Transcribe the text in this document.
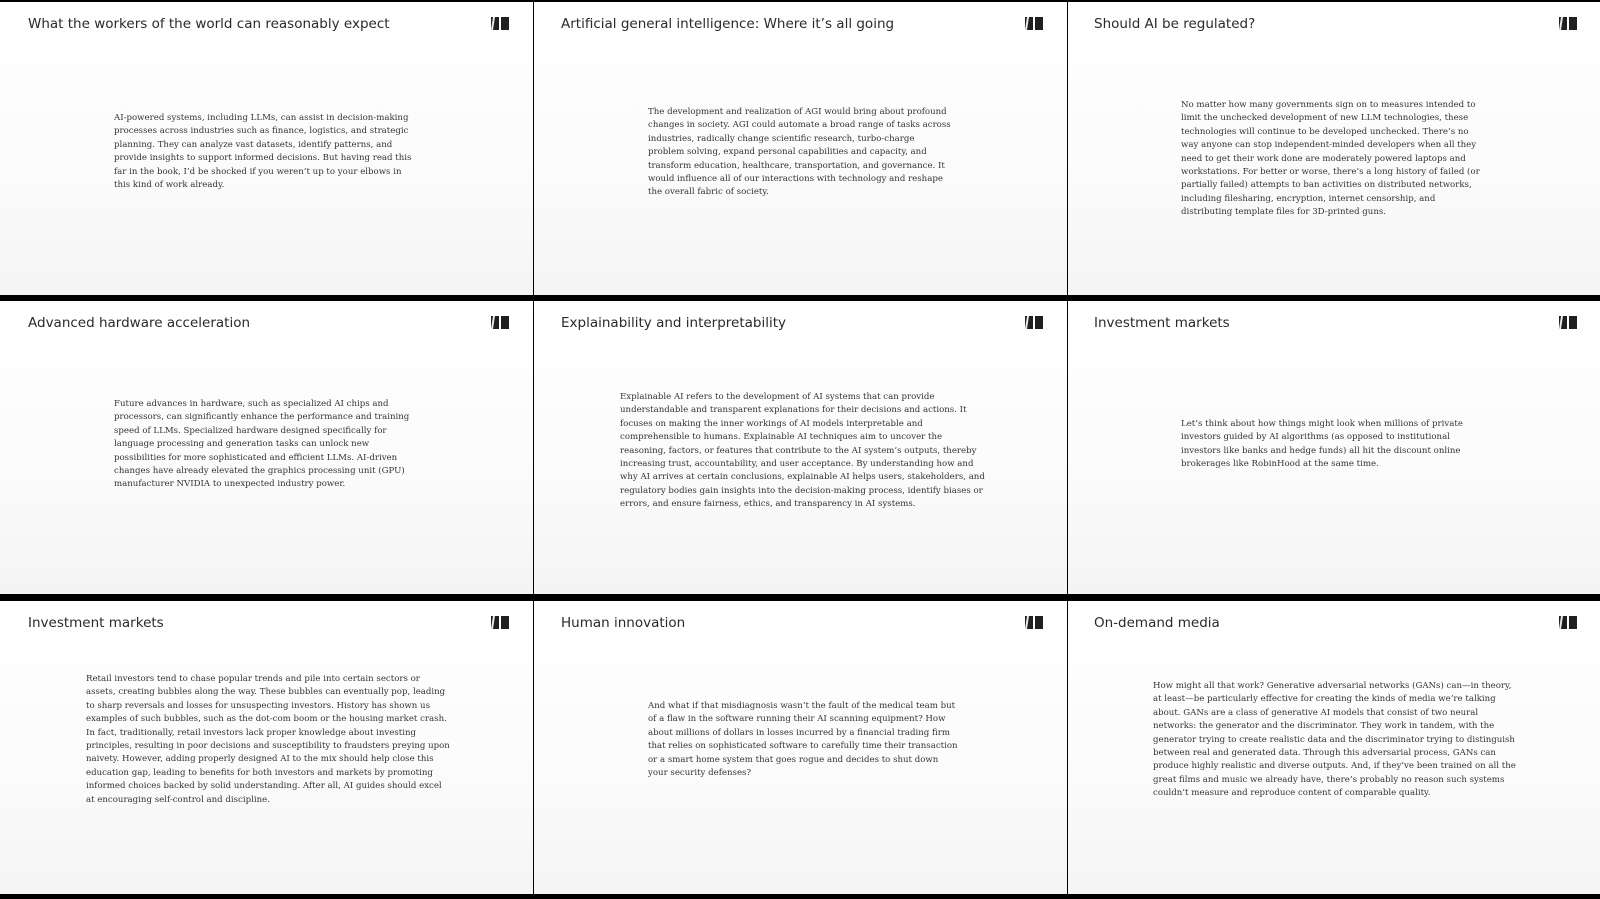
What the workers of the world can reasonably expect
AI-powered systems, including LLMs, can assist in decision-making processes across industries such as finance, logistics, and strategic planning. They can analyze vast datasets, identify patterns, and provide insights to support informed decisions. But having read this far in the book, I’d be shocked if you weren’t up to your elbows in this kind of work already.
Artificial general intelligence: Where it’s all going
The development and realization of AGI would bring about profound changes in society. AGI could automate a broad range of tasks across industries, radically change scientific research, turbo-charge problem solving, expand personal capabilities and capacity, and transform education, healthcare, transportation, and governance. It would influence all of our interactions with technology and reshape the overall fabric of society.
Should AI be regulated?
No matter how many governments sign on to measures intended to limit the unchecked development of new LLM technologies, these technologies will continue to be developed unchecked. There’s no way anyone can stop independent-minded developers when all they need to get their work done are moderately powered laptops and workstations. For better or worse, there’s a long history of failed (or partially failed) attempts to ban activities on distributed networks, including filesharing, encryption, internet censorship, and distributing template files for 3D-printed guns.
Advanced hardware acceleration
Future advances in hardware, such as specialized AI chips and processors, can significantly enhance the performance and training speed of LLMs. Specialized hardware designed specifically for language processing and generation tasks can unlock new possibilities for more sophisticated and efficient LLMs. AI-driven changes have already elevated the graphics processing unit (GPU) manufacturer NVIDIA to unexpected industry power.
Explainability and interpretability
Explainable AI refers to the development of AI systems that can provide understandable and transparent explanations for their decisions and actions. It focuses on making the inner workings of AI models interpretable and comprehensible to humans. Explainable AI techniques aim to uncover the reasoning, factors, or features that contribute to the AI system’s outputs, thereby increasing trust, accountability, and user acceptance. By understanding how and why AI arrives at certain conclusions, explainable AI helps users, stakeholders, and regulatory bodies gain insights into the decision-making process, identify biases or errors, and ensure fairness, ethics, and transparency in AI systems.
Investment markets
Let’s think about how things might look when millions of private investors guided by AI algorithms (as opposed to institutional investors like banks and hedge funds) all hit the discount online brokerages like RobinHood at the same time.
Investment markets
Retail investors tend to chase popular trends and pile into certain sectors or assets, creating bubbles along the way. These bubbles can eventually pop, leading to sharp reversals and losses for unsuspecting investors. History has shown us examples of such bubbles, such as the dot-com boom or the housing market crash. In fact, traditionally, retail investors lack proper knowledge about investing principles, resulting in poor decisions and susceptibility to fraudsters preying upon naivety. However, adding properly designed AI to the mix should help close this education gap, leading to benefits for both investors and markets by promoting informed choices backed by solid understanding. After all, AI guides should excel at encouraging self-control and discipline.
Human innovation
And what if that misdiagnosis wasn’t the fault of the medical team but of a flaw in the software running their AI scanning equipment? How about millions of dollars in losses incurred by a financial trading firm that relies on sophisticated software to carefully time their transaction or a smart home system that goes rogue and decides to shut down your security defenses?
On-demand media
How might all that work? Generative adversarial networks (GANs) can—in theory, at least—be particularly effective for creating the kinds of media we’re talking about. GANs are a class of generative AI models that consist of two neural networks: the generator and the discriminator. They work in tandem, with the generator trying to create realistic data and the discriminator trying to distinguish between real and generated data. Through this adversarial process, GANs can produce highly realistic and diverse outputs. And, if they’ve been trained on all the great films and music we already have, there’s probably no reason such systems couldn’t measure and reproduce content of comparable quality.
